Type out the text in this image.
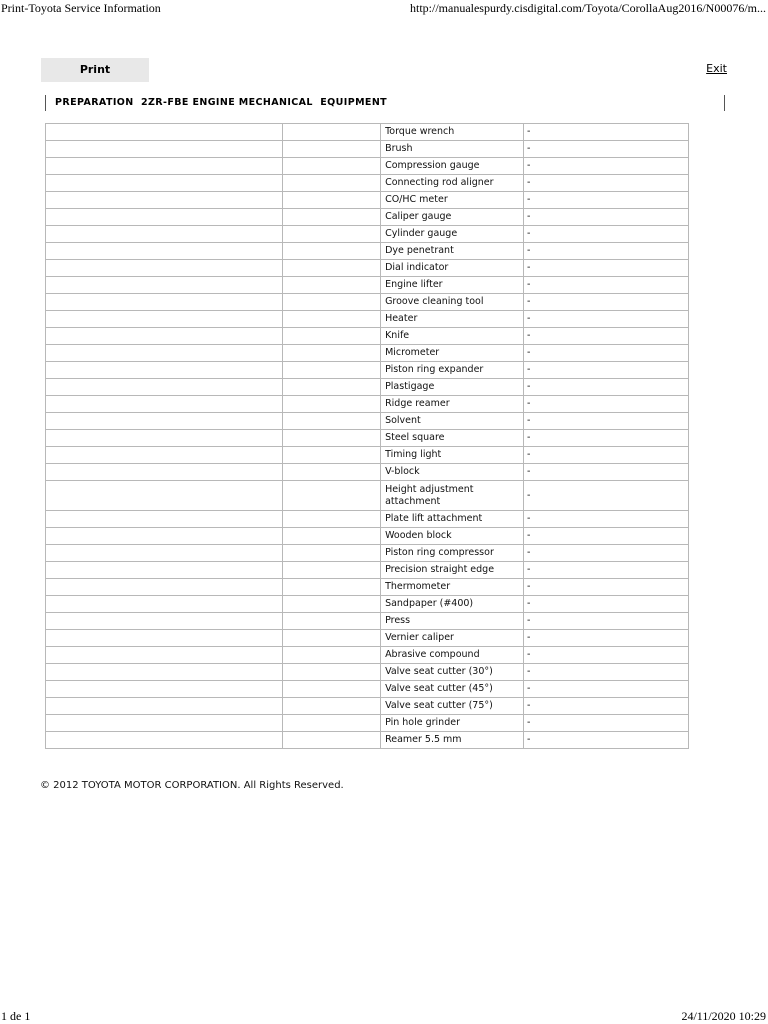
Print-Toyota Service Information	http://manualespurdy.cisdigital.com/Toyota/CorollaAug2016/N00076/m...
Print	Exit
PREPARATION  2ZR-FBE ENGINE MECHANICAL  EQUIPMENT
		Torque wrench	-
		Brush	-
		Compression gauge	-
		Connecting rod aligner	-
		CO/HC meter	-
		Caliper gauge	-
		Cylinder gauge	-
		Dye penetrant	-
		Dial indicator	-
		Engine lifter	-
		Groove cleaning tool	-
		Heater	-
		Knife	-
		Micrometer	-
		Piston ring expander	-
		Plastigage	-
		Ridge reamer	-
		Solvent	-
		Steel square	-
		Timing light	-
		V-block	-
		Height adjustment attachment	-
		Plate lift attachment	-
		Wooden block	-
		Piston ring compressor	-
		Precision straight edge	-
		Thermometer	-
		Sandpaper (#400)	-
		Press	-
		Vernier caliper	-
		Abrasive compound	-
		Valve seat cutter (30°)	-
		Valve seat cutter (45°)	-
		Valve seat cutter (75°)	-
		Pin hole grinder	-
		Reamer 5.5 mm	-
© 2012 TOYOTA MOTOR CORPORATION. All Rights Reserved.
1 de 1	24/11/2020 10:29
